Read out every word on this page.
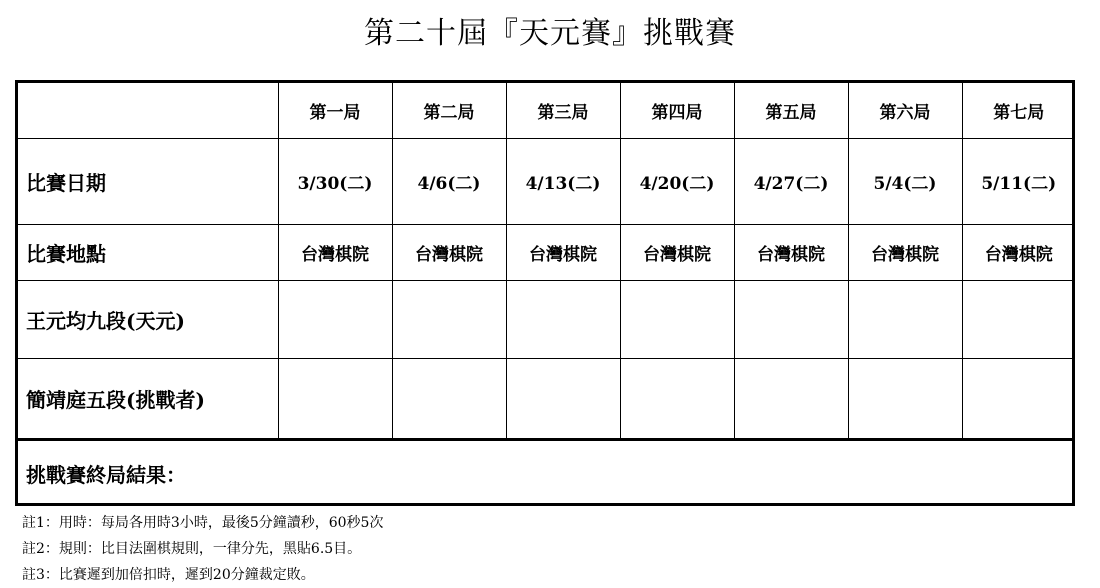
第二十屆『天元賽』挑戰賽
	第一局	第二局	第三局	第四局	第五局	第六局	第七局
比賽日期	3/30(二)	4/6(二)	4/13(二)	4/20(二)	4/27(二)	5/4(二)	5/11(二)
比賽地點	台灣棋院	台灣棋院	台灣棋院	台灣棋院	台灣棋院	台灣棋院	台灣棋院
王元均九段(天元)							
簡靖庭五段(挑戰者)							
挑戰賽終局結果：
註1：用時：每局各用時3小時，最後5分鐘讀秒，60秒5次
註2：規則：比目法圍棋規則，一律分先，黑貼6.5目。
註3：比賽遲到加倍扣時，遲到20分鐘裁定敗。
